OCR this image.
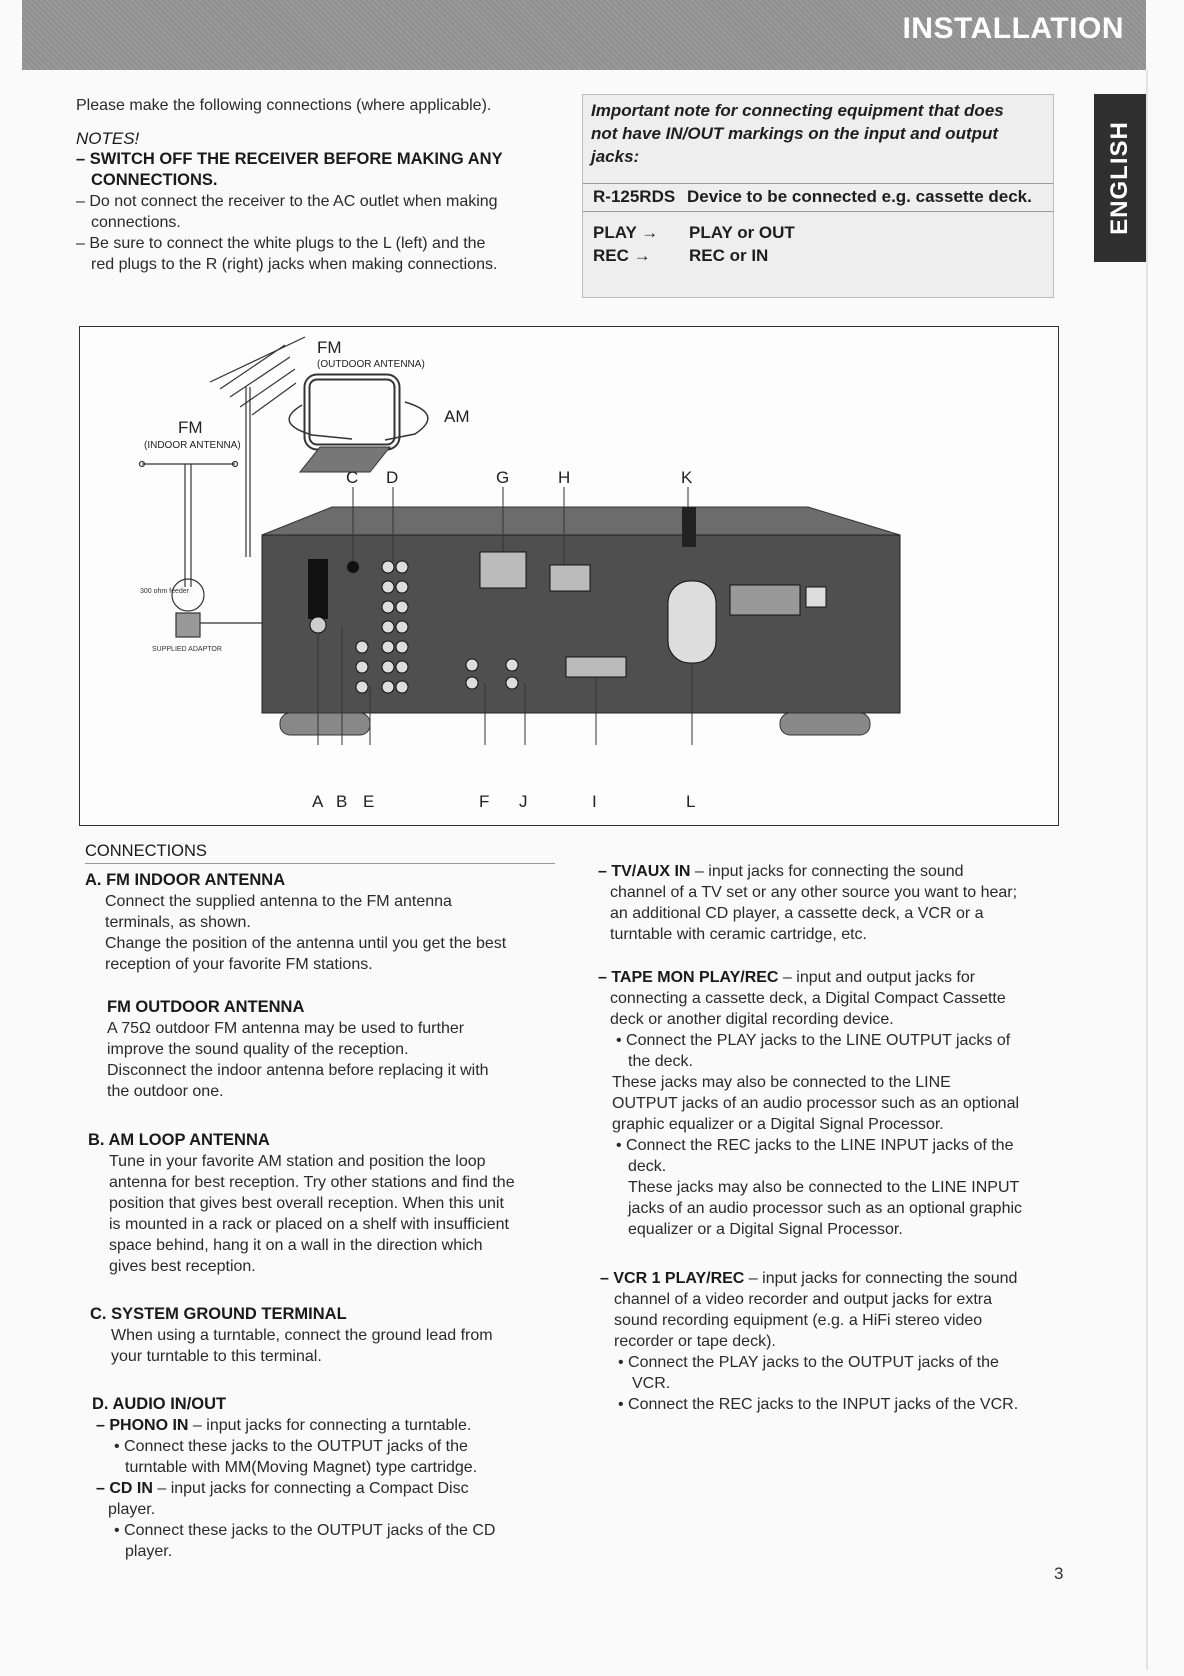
INSTALLATION
ENGLISH
Please make the following connections (where applicable).
NOTES!
– SWITCH OFF THE RECEIVER BEFORE MAKING ANY
CONNECTIONS.
– Do not connect the receiver to the AC outlet when making
connections.
– Be sure to connect the white plugs to the L (left) and the
red plugs to the R (right) jacks when making connections.
Important note for connecting equipment that does
not have IN/OUT markings on the input and output
jacks:
R-125RDS Device to be connected e.g. cassette deck.
PLAY → PLAY or OUT
REC → REC or IN
FM
(OUTDOOR ANTENNA)
AM
FM
(INDOOR ANTENNA)
300 ohm feeder
SUPPLIED ADAPTOR
C D	G	H	K
A B E	F J	I	L
CONNECTIONS
A. FM INDOOR ANTENNA
Connect the supplied antenna to the FM antenna
terminals, as shown.
Change the position of the antenna until you get the best
reception of your favorite FM stations.
FM OUTDOOR ANTENNA
A 75Ω outdoor FM antenna may be used to further
improve the sound quality of the reception.
Disconnect the indoor antenna before replacing it with
the outdoor one.
B. AM LOOP ANTENNA
Tune in your favorite AM station and position the loop
antenna for best reception. Try other stations and find the
position that gives best overall reception. When this unit
is mounted in a rack or placed on a shelf with insufficient
space behind, hang it on a wall in the direction which
gives best reception.
C. SYSTEM GROUND TERMINAL
When using a turntable, connect the ground lead from
your turntable to this terminal.
D. AUDIO IN/OUT
– PHONO IN – input jacks for connecting a turntable.
• Connect these jacks to the OUTPUT jacks of the
turntable with MM(Moving Magnet) type cartridge.
– CD IN – input jacks for connecting a Compact Disc
player.
• Connect these jacks to the OUTPUT jacks of the CD
player.
– TV/AUX IN – input jacks for connecting the sound
channel of a TV set or any other source you want to hear;
an additional CD player, a cassette deck, a VCR or a
turntable with ceramic cartridge, etc.
– TAPE MON PLAY/REC – input and output jacks for
connecting a cassette deck, a Digital Compact Cassette
deck or another digital recording device.
• Connect the PLAY jacks to the LINE OUTPUT jacks of
the deck.
These jacks may also be connected to the LINE
OUTPUT jacks of an audio processor such as an optional
graphic equalizer or a Digital Signal Processor.
• Connect the REC jacks to the LINE INPUT jacks of the
deck.
These jacks may also be connected to the LINE INPUT
jacks of an audio processor such as an optional graphic
equalizer or a Digital Signal Processor.
– VCR 1 PLAY/REC – input jacks for connecting the sound
channel of a video recorder and output jacks for extra
sound recording equipment (e.g. a HiFi stereo video
recorder or tape deck).
• Connect the PLAY jacks to the OUTPUT jacks of the
VCR.
• Connect the REC jacks to the INPUT jacks of the VCR.
3
